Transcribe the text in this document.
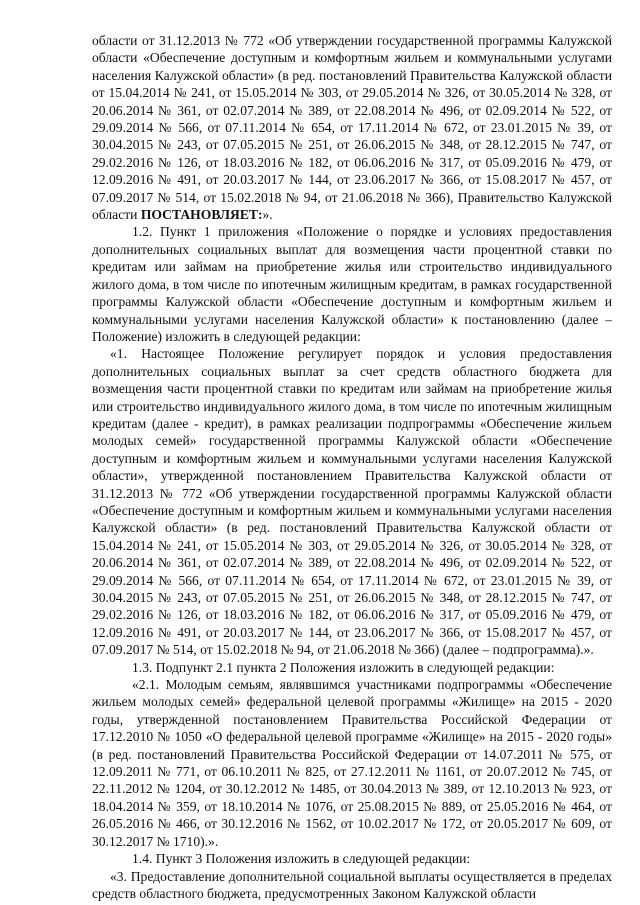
области от 31.12.2013 № 772 «Об утверждении государственной программы Калужской области «Обеспечение доступным и комфортным жильем и коммунальными услугами населения Калужской области» (в ред. постановлений Правительства Калужской области от 15.04.2014 № 241, от 15.05.2014 № 303, от 29.05.2014 № 326, от 30.05.2014 № 328, от 20.06.2014 № 361, от 02.07.2014 № 389, от 22.08.2014 № 496, от 02.09.2014 № 522, от 29.09.2014 № 566, от 07.11.2014 № 654, от 17.11.2014 № 672, от 23.01.2015 № 39, от 30.04.2015 № 243, от 07.05.2015 № 251, от 26.06.2015 № 348, от 28.12.2015 № 747, от 29.02.2016 № 126, от 18.03.2016 № 182, от 06.06.2016 № 317, от 05.09.2016 № 479, от 12.09.2016 № 491, от 20.03.2017 № 144, от 23.06.2017 № 366, от 15.08.2017 № 457, от 07.09.2017 № 514, от 15.02.2018 № 94, от 21.06.2018 № 366), Правительство Калужской области ПОСТАНОВЛЯЕТ:».

1.2. Пункт 1 приложения «Положение о порядке и условиях предоставления дополнительных социальных выплат для возмещения части процентной ставки по кредитам или займам на приобретение жилья или строительство индивидуального жилого дома, в том числе по ипотечным жилищным кредитам, в рамках государственной программы Калужской области «Обеспечение доступным и комфортным жильем и коммунальными услугами населения Калужской области» к постановлению (далее – Положение) изложить в следующей редакции:

«1. Настоящее Положение регулирует порядок и условия предоставления дополнительных социальных выплат за счет средств областного бюджета для возмещения части процентной ставки по кредитам или займам на приобретение жилья или строительство индивидуального жилого дома, в том числе по ипотечным жилищным кредитам (далее - кредит), в рамках реализации подпрограммы «Обеспечение жильем молодых семей» государственной программы Калужской области «Обеспечение доступным и комфортным жильем и коммунальными услугами населения Калужской области», утвержденной постановлением Правительства Калужской области от 31.12.2013 № 772 «Об утверждении государственной программы Калужской области «Обеспечение доступным и комфортным жильем и коммунальными услугами населения Калужской области» (в ред. постановлений Правительства Калужской области от 15.04.2014 № 241, от 15.05.2014 № 303, от 29.05.2014 № 326, от 30.05.2014 № 328, от 20.06.2014 № 361, от 02.07.2014 № 389, от 22.08.2014 № 496, от 02.09.2014 № 522, от 29.09.2014 № 566, от 07.11.2014 № 654, от 17.11.2014 № 672, от 23.01.2015 № 39, от 30.04.2015 № 243, от 07.05.2015 № 251, от 26.06.2015 № 348, от 28.12.2015 № 747, от 29.02.2016 № 126, от 18.03.2016 № 182, от 06.06.2016 № 317, от 05.09.2016 № 479, от 12.09.2016 № 491, от 20.03.2017 № 144, от 23.06.2017 № 366, от 15.08.2017 № 457, от 07.09.2017 № 514, от 15.02.2018 № 94, от 21.06.2018 № 366) (далее – подпрограмма).».

1.3. Подпункт 2.1 пункта 2 Положения изложить в следующей редакции:

«2.1. Молодым семьям, являвшимся участниками подпрограммы «Обеспечение жильем молодых семей» федеральной целевой программы «Жилище» на 2015 - 2020 годы, утвержденной постановлением Правительства Российской Федерации от 17.12.2010 № 1050 «О федеральной целевой программе «Жилище» на 2015 - 2020 годы» (в ред. постановлений Правительства Российской Федерации от 14.07.2011 № 575, от 12.09.2011 № 771, от 06.10.2011 № 825, от 27.12.2011 № 1161, от 20.07.2012 № 745, от 22.11.2012 № 1204, от 30.12.2012 № 1485, от 30.04.2013 № 389, от 12.10.2013 № 923, от 18.04.2014 № 359, от 18.10.2014 № 1076, от 25.08.2015 № 889, от 25.05.2016 № 464, от 26.05.2016 № 466, от 30.12.2016 № 1562, от 10.02.2017 № 172, от 20.05.2017 № 609, от 30.12.2017 № 1710).».

1.4. Пункт 3 Положения изложить в следующей редакции:

«3. Предоставление дополнительной социальной выплаты осуществляется в пределах средств областного бюджета, предусмотренных Законом Калужской области
